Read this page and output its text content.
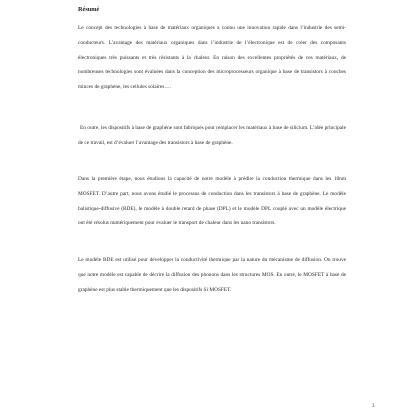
Résumé

Le concept des technologies à base de matériaux organiques a connu une innovation rapide dans l’industrie des semi-conducteurs. L’avantage des matériaux organiques dans l’industrie de l’électronique est de créer des composants électroniques très puissants et très résistants à la chaleur. En raison des excellentes propriétés de ces matériaux, de nombreuses technologies sont évaluées dans la conception des microprocesseurs organique à base de transistors à couches minces de graphène, les cellules solaires….

En outre, les dispositifs à base de graphène sont fabriqués pour remplacer les matériaux à base de silicium. L’idée principale de ce travail, est d’évaluer l’avantage des transistors à base de graphène.

Dans la première étape, nous étudions la capacité de notre modèle à prédire la conduction thermique dans les 10nm MOSFET. D’autre part, nous avons étudié le processus de conduction dans les transistors à base de graphène. Le modèle balistique-diffusive (BDE), le modèle à double retard de phase (DPL) et le modèle DPL couplé avec un modèle électrique ont été résolus numériquement pour évaluer le transport de chaleur dans les nano transistors.

Le modèle BDE est utilisé pour développer la conductivité thermique par la nature du mécanisme de diffusion. On trouve que notre modèle est capable de décrire la diffusion des phonons dans les structures MOS. En outre, le MOSFET à base de graphène est plus stable thermiquement que les dispositifs Si MOSFET.

3
